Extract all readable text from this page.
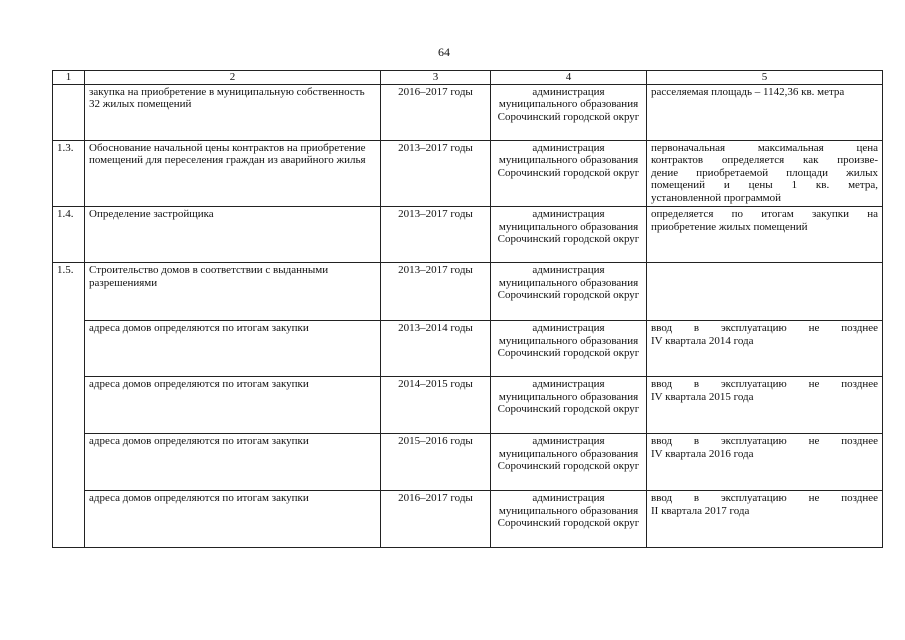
64
1	2	3	4	5
	закупка на приобретение в муниципальную собственность 32 жилых помещений	2016–2017 годы	администрация муниципального образования Сорочинский городской округ	расселяемая площадь – 1142,36 кв. метра

1.3.	Обоснование начальной цены контрактов на приобретение помещений для переселения граждан из аварийного жилья	2013–2017 годы	администрация муниципального образования Сорочинский городской округ	первоначальная максимальная цена
контрактов определяется как произве-
дение приобретаемой площади жилых
помещений и цены 1 кв. метра,
установленной программой

1.4.	Определение застройщика	2013–2017 годы	администрация муниципального образования Сорочинский городской округ	определяется по итогам закупки на
приобретение жилых помещений

1.5.	Строительство домов в соответствии с выданными разрешениями	2013–2017 годы	администрация муниципального образования Сорочинский городской округ	
	адреса домов определяются по итогам закупки	2013–2014 годы	администрация муниципального образования Сорочинский городской округ	ввод в эксплуатацию не позднее
IV квартала 2014 года

	адреса домов определяются по итогам закупки	2014–2015 годы	администрация муниципального образования Сорочинский городской округ	ввод в эксплуатацию не позднее
IV квартала 2015 года

	адреса домов определяются по итогам закупки	2015–2016 годы	администрация муниципального образования Сорочинский городской округ	ввод в эксплуатацию не позднее
IV квартала 2016 года

	адреса домов определяются по итогам закупки	2016–2017 годы	администрация муниципального образования Сорочинский городской округ	ввод в эксплуатацию не позднее
II квартала 2017 года
